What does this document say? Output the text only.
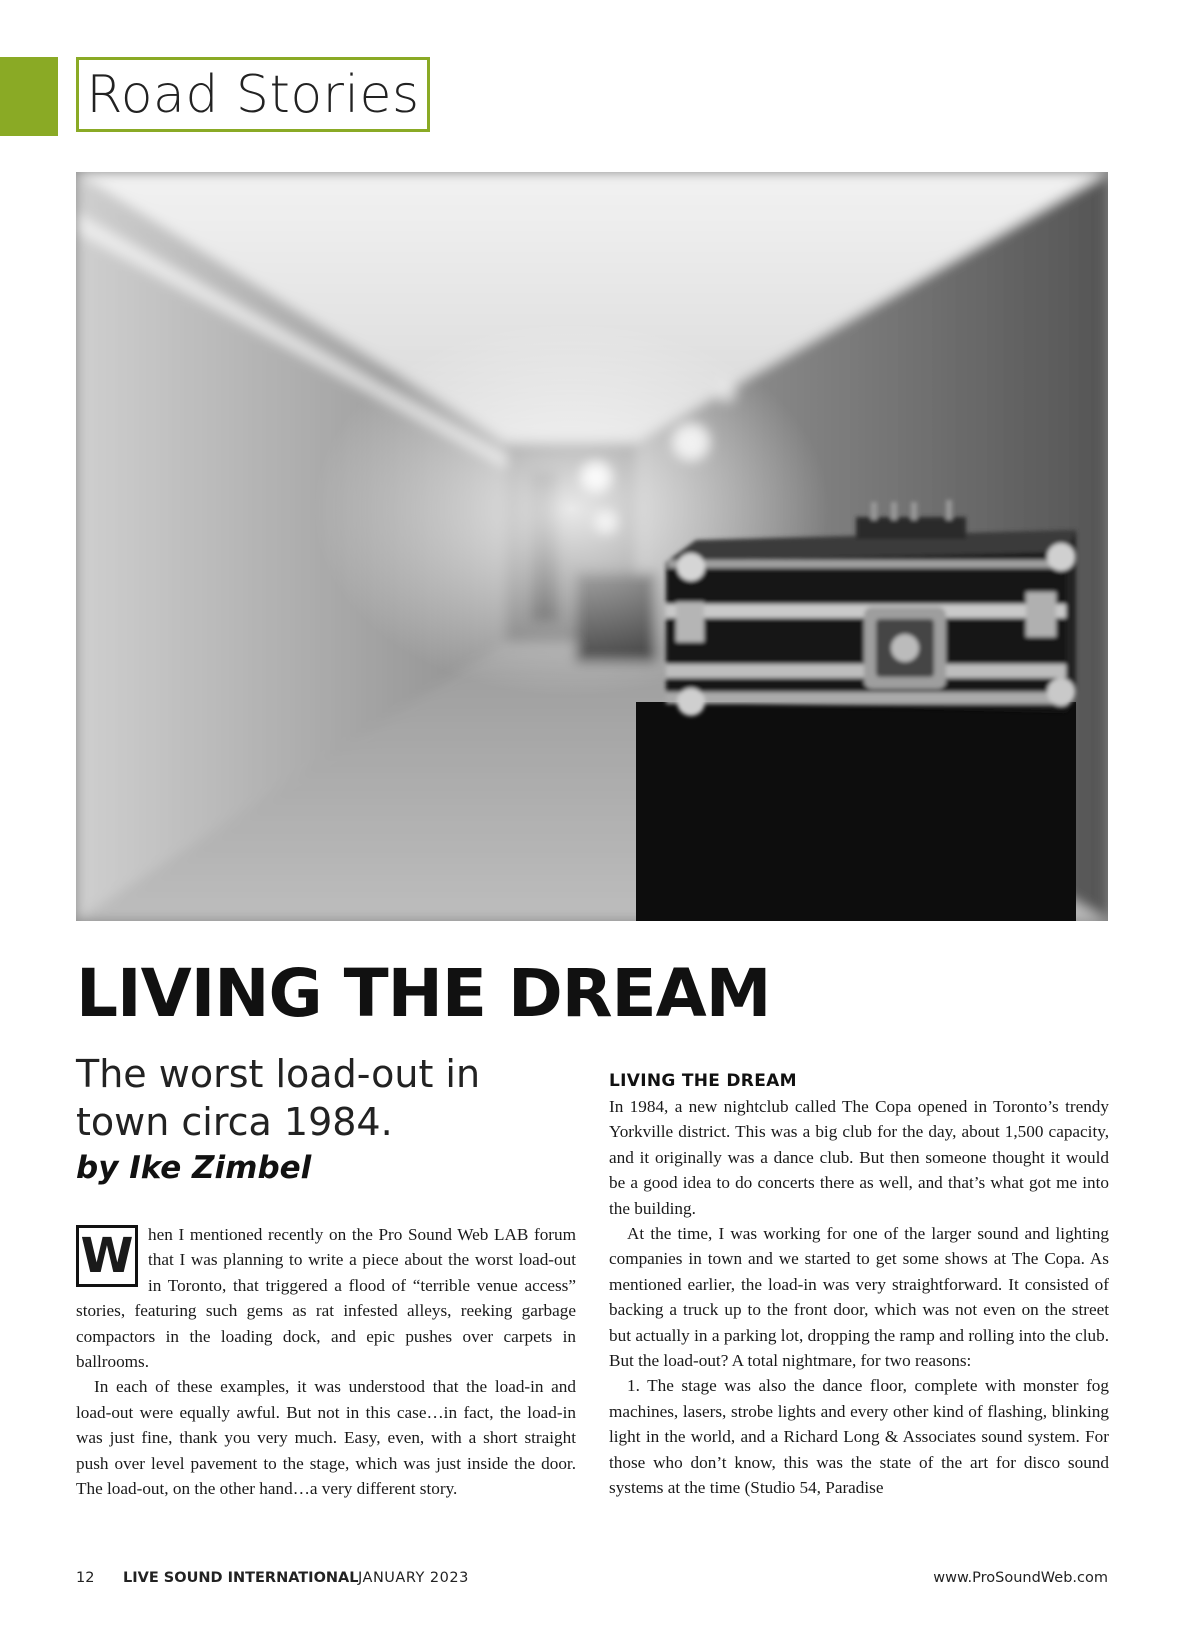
Road Stories
LIVING THE DREAM

The worst load-out in town circa 1984.

by Ike Zimbel

W hen I mentioned recently on the Pro Sound Web LAB forum that I was planning to write a piece about the worst load-out in Toronto, that triggered a flood of “terrible venue access” stories, featuring such gems as rat infested alleys, reeking garbage compactors in the loading dock, and epic pushes over carpets in ballrooms.

In each of these examples, it was understood that the load-in and load-out were equally awful. But not in this case…in fact, the load-in was just fine, thank you very much. Easy, even, with a short straight push over level pavement to the stage, which was just inside the door. The load-out, on the other hand…a very different story.

LIVING THE DREAM

In 1984, a new nightclub called The Copa opened in Toronto’s trendy Yorkville district. This was a big club for the day, about 1,500 capacity, and it originally was a dance club. But then someone thought it would be a good idea to do concerts there as well, and that’s what got me into the building.

At the time, I was working for one of the larger sound and lighting companies in town and we started to get some shows at The Copa. As mentioned earlier, the load-in was very straightforward. It consisted of backing a truck up to the front door, which was not even on the street but actually in a parking lot, dropping the ramp and rolling into the club. But the load-out? A total nightmare, for two reasons:

1. The stage was also the dance floor, complete with monster fog machines, lasers, strobe lights and every other kind of flashing, blinking light in the world, and a Richard Long & Associates sound system. For those who don’t know, this was the state of the art for disco sound systems at the time (Studio 54, Paradise

12 LIVE SOUND INTERNATIONAL JANUARY 2023	www.ProSoundWeb.com
